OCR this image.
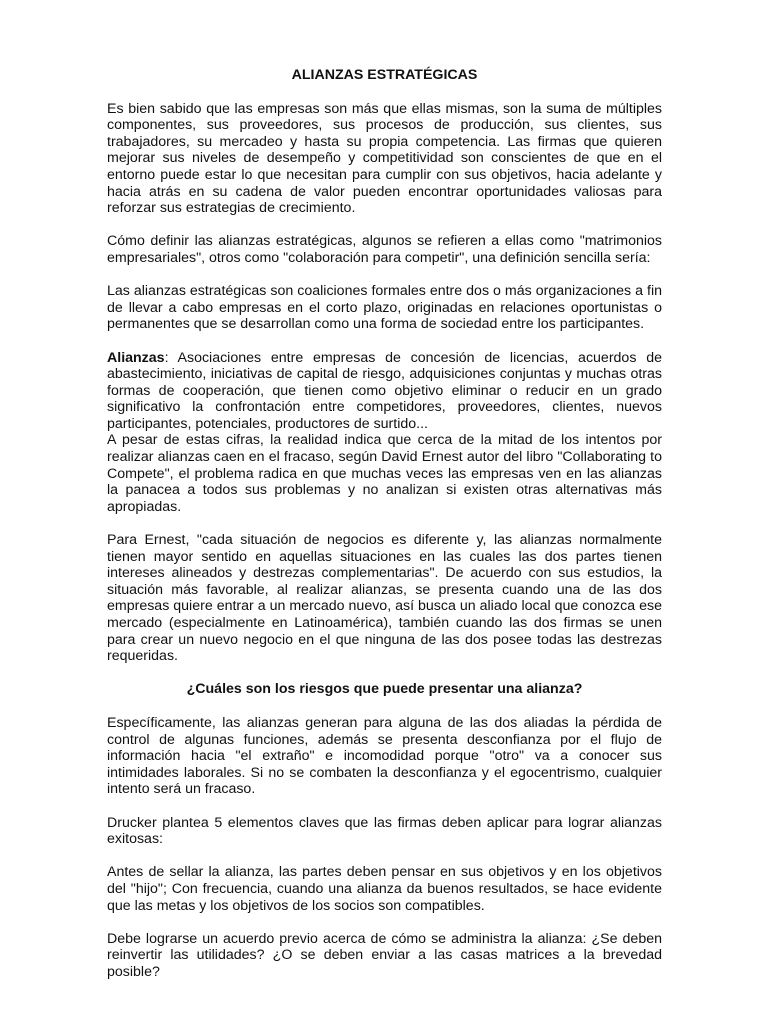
ALIANZAS ESTRATÉGICAS

Es bien sabido que las empresas son más que ellas mismas, son la suma de múltiples componentes, sus proveedores, sus procesos de producción, sus clientes, sus trabajadores, su mercadeo y hasta su propia competencia. Las firmas que quieren mejorar sus niveles de desempeño y competitividad son conscientes de que en el entorno puede estar lo que necesitan para cumplir con sus objetivos, hacia adelante y hacia atrás en su cadena de valor pueden encontrar oportunidades valiosas para reforzar sus estrategias de crecimiento.

Cómo definir las alianzas estratégicas, algunos se refieren a ellas como "matrimonios empresariales", otros como "colaboración para competir", una definición sencilla sería:

Las alianzas estratégicas son coaliciones formales entre dos o más organizaciones a fin de llevar a cabo empresas en el corto plazo, originadas en relaciones oportunistas o permanentes que se desarrollan como una forma de sociedad entre los participantes.

Alianzas: Asociaciones entre empresas de concesión de licencias, acuerdos de abastecimiento, iniciativas de capital de riesgo, adquisiciones conjuntas y muchas otras formas de cooperación, que tienen como objetivo eliminar o reducir en un grado significativo la confrontación entre competidores, proveedores, clientes, nuevos participantes, potenciales, productores de surtido...

A pesar de estas cifras, la realidad indica que cerca de la mitad de los intentos por realizar alianzas caen en el fracaso, según David Ernest autor del libro "Collaborating to Compete", el problema radica en que muchas veces las empresas ven en las alianzas la panacea a todos sus problemas y no analizan si existen otras alternativas más apropiadas.

Para Ernest, "cada situación de negocios es diferente y, las alianzas normalmente tienen mayor sentido en aquellas situaciones en las cuales las dos partes tienen intereses alineados y destrezas complementarias". De acuerdo con sus estudios, la situación más favorable, al realizar alianzas, se presenta cuando una de las dos empresas quiere entrar a un mercado nuevo, así busca un aliado local que conozca ese mercado (especialmente en Latinoamérica), también cuando las dos firmas se unen para crear un nuevo negocio en el que ninguna de las dos posee todas las destrezas requeridas.

¿Cuáles son los riesgos que puede presentar una alianza?

Específicamente, las alianzas generan para alguna de las dos aliadas la pérdida de control de algunas funciones, además se presenta desconfianza por el flujo de información hacia "el extraño" e incomodidad porque "otro" va a conocer sus intimidades laborales. Si no se combaten la desconfianza y el egocentrismo, cualquier intento será un fracaso.

Drucker plantea 5 elementos claves que las firmas deben aplicar para lograr alianzas exitosas:

Antes de sellar la alianza, las partes deben pensar en sus objetivos y en los objetivos del "hijo"; Con frecuencia, cuando una alianza da buenos resultados, se hace evidente que las metas y los objetivos de los socios son compatibles.

Debe lograrse un acuerdo previo acerca de cómo se administra la alianza: ¿Se deben reinvertir las utilidades? ¿O se deben enviar a las casas matrices a la brevedad posible?
